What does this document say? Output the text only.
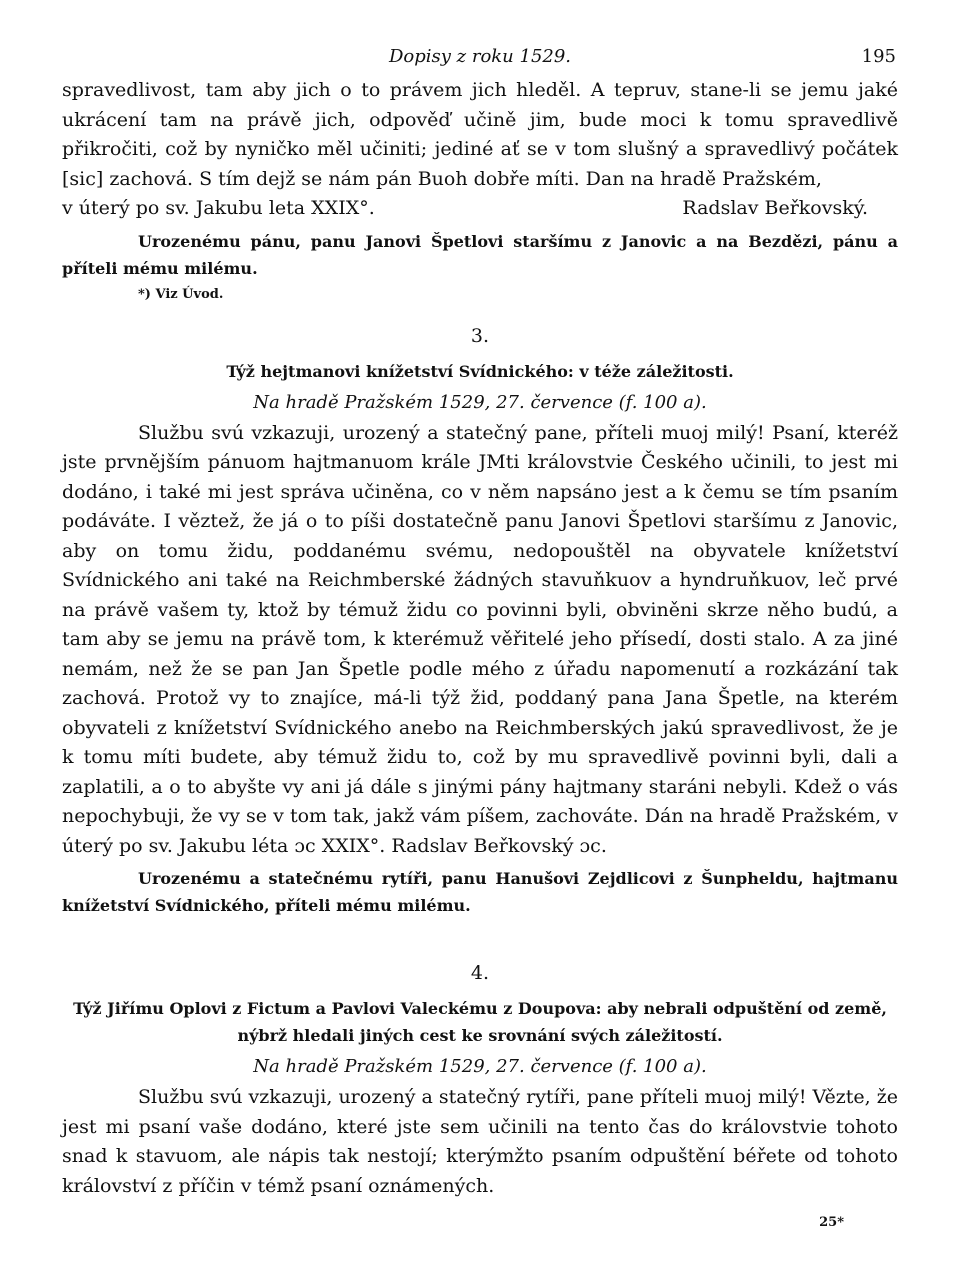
Dopisy z roku 1529.	195

spravedlivost, tam aby jich o to právem jich hleděl. A tepruv, stane-li se jemu jaké ukrácení tam na právě jich, odpověď učině jim, bude moci k tomu spravedlivě přikročiti, což by nyničko měl učiniti; jediné ať se v tom slušný a spravedlivý počátek [sic] zachová. S tím dejž se nám pán Buoh dobře míti. Dan na hradě Pražském,

v úterý po sv. Jakubu leta XXIX°.	Radslav Beřkovský.

Urozenému pánu, panu Janovi Špetlovi staršímu z Janovic a na Bezdězi, pánu a příteli mému milému.

*) Viz Úvod.

3.
Týž hejtmanovi knížetství Svídnického: v téže záležitosti.
Na hradě Pražském 1529, 27. července (f. 100 a).

Službu svú vzkazuji, urozený a statečný pane, příteli muoj milý! Psaní, kteréž jste prvnějším pánuom hajtmanuom krále JMti královstvie Českého učinili, to jest mi dodáno, i také mi jest správa učiněna, co v něm napsáno jest a k čemu se tím psaním podáváte. I věztež, že já o to píši dostatečně panu Janovi Špetlovi staršímu z Janovic, aby on tomu židu, poddanému svému, nedopouštěl na obyvatele knížetství Svídnického ani také na Reichmberské žádných stavuňkuov a hyndruňkuov, leč prvé na právě vašem ty, ktož by témuž židu co povinni byli, obviněni skrze něho budú, a tam aby se jemu na právě tom, k kterémuž věřitelé jeho přísedí, dosti stalo. A za jiné nemám, než že se pan Jan Špetle podle mého z úřadu napomenutí a rozkázání tak zachová. Protož vy to znajíce, má-li týž žid, poddaný pana Jana Špetle, na kterém obyvateli z knížetství Svídnického anebo na Reichmberských jakú spravedlivost, že je k tomu míti budete, aby témuž židu to, což by mu spravedlivě povinni byli, dali a zaplatili, a o to abyšte vy ani já dále s jinými pány hajtmany staráni nebyli. Kdež o vás nepochybuji, že vy se v tom tak, jakž vám píšem, zachováte. Dán na hradě Pražském, v úterý po sv. Jakubu léta ɔc XXIX°. Radslav Beřkovský ɔc.

Urozenému a statečnému rytíři, panu Hanušovi Zejdlicovi z Šunpheldu, hajtmanu knížetství Svídnického, příteli mému milému.

4.
Týž Jiřímu Oplovi z Fictum a Pavlovi Valeckému z Doupova: aby nebrali odpuštění od země,
nýbrž hledali jiných cest ke srovnání svých záležitostí.
Na hradě Pražském 1529, 27. července (f. 100 a).

Službu svú vzkazuji, urozený a statečný rytíři, pane příteli muoj milý! Vězte, že jest mi psaní vaše dodáno, které jste sem učinili na tento čas do královstvie tohoto snad k stavuom, ale nápis tak nestojí; kterýmžto psaním odpuštění béřete od tohoto království z příčin v témž psaní oznámených.

25*
